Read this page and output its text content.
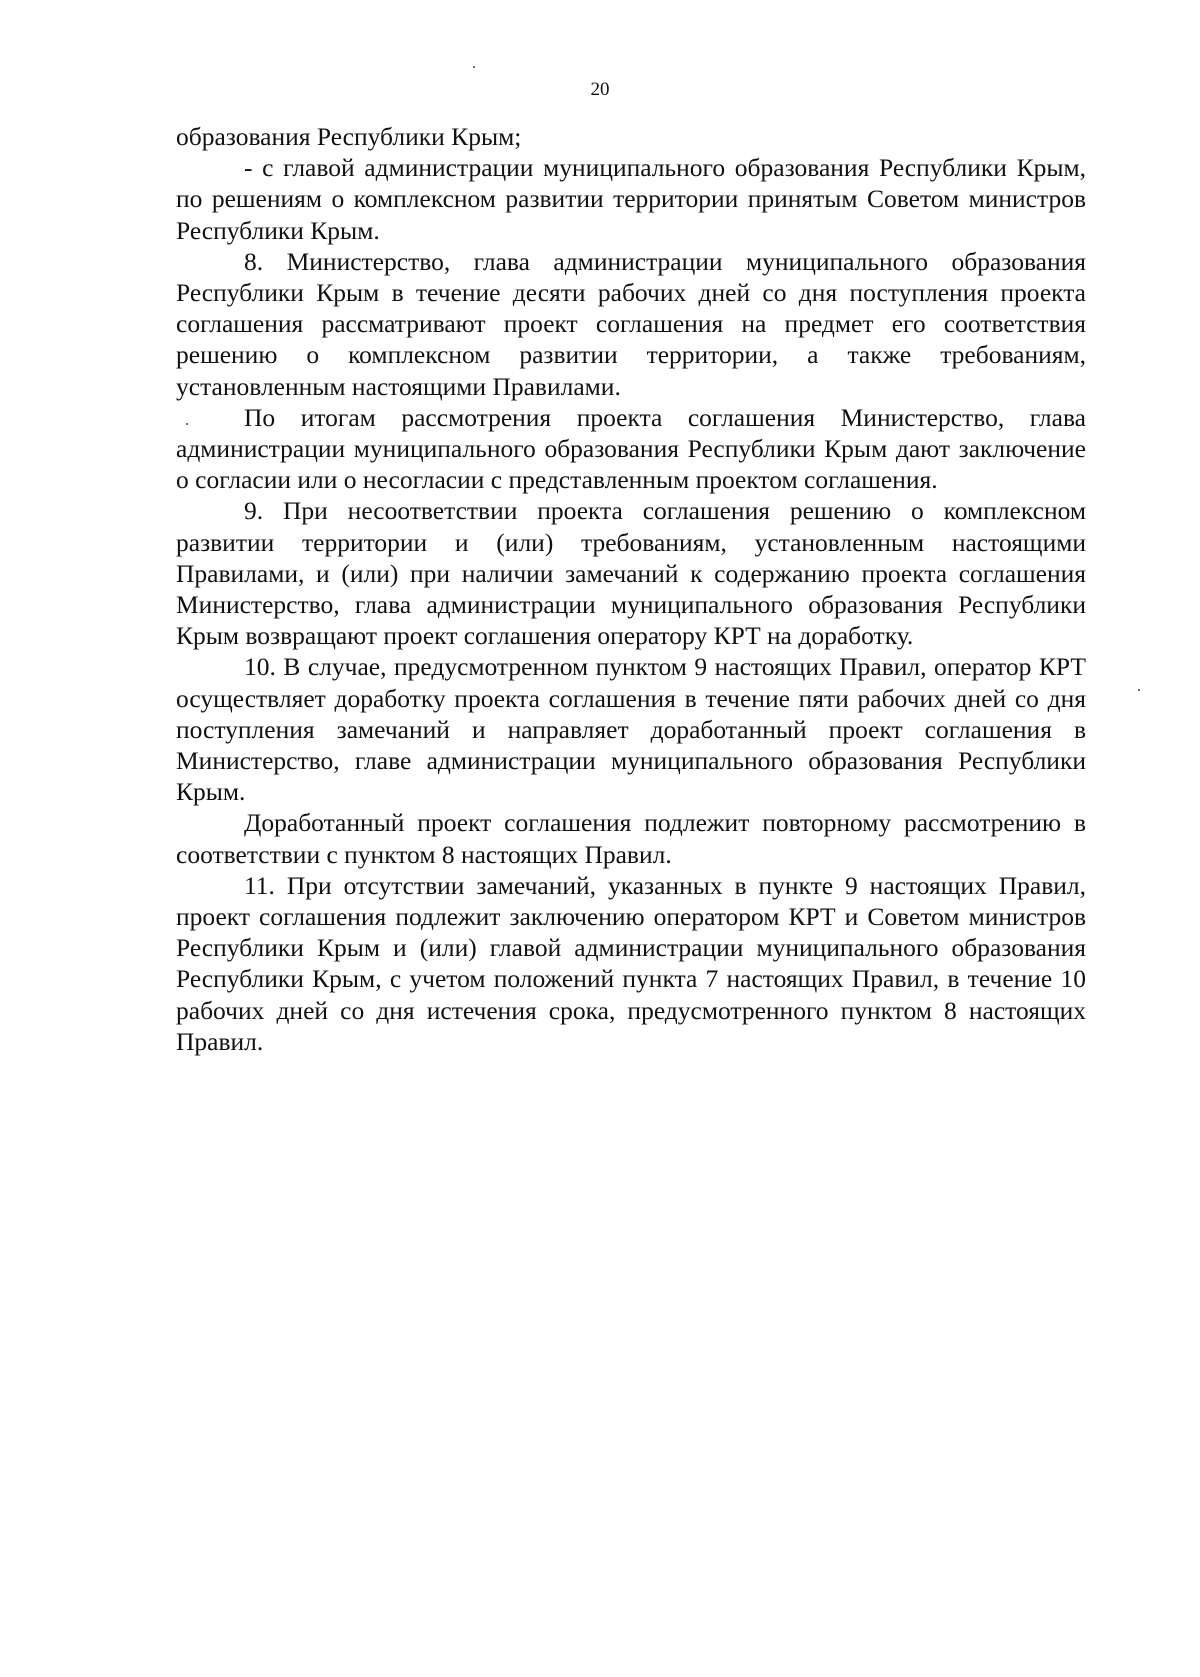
20

образования Республики Крым;

- с главой администрации муниципального образования Республики Крым, по решениям о комплексном развитии территории принятым Советом министров Республики Крым.

8. Министерство, глава администрации муниципального образования Республики Крым в течение десяти рабочих дней со дня поступления проекта соглашения рассматривают проект соглашения на предмет его соответствия решению о комплексном развитии территории, а также требованиям, установленным настоящими Правилами.

По итогам рассмотрения проекта соглашения Министерство, глава администрации муниципального образования Республики Крым дают заключение о согласии или о несогласии с представленным проектом соглашения.

9. При несоответствии проекта соглашения решению о комплексном развитии территории и (или) требованиям, установленным настоящими Правилами, и (или) при наличии замечаний к содержанию проекта соглашения Министерство, глава администрации муниципального образования Республики Крым возвращают проект соглашения оператору КРТ на доработку.

10. В случае, предусмотренном пунктом 9 настоящих Правил, оператор КРТ осуществляет доработку проекта соглашения в течение пяти рабочих дней со дня поступления замечаний и направляет доработанный проект соглашения в Министерство, главе администрации муниципального образования Республики Крым.

Доработанный проект соглашения подлежит повторному рассмотрению в соответствии с пунктом 8 настоящих Правил.

11. При отсутствии замечаний, указанных в пункте 9 настоящих Правил, проект соглашения подлежит заключению оператором КРТ и Советом министров Республики Крым и (или) главой администрации муниципального образования Республики Крым, с учетом положений пункта 7 настоящих Правил, в течение 10 рабочих дней со дня истечения срока, предусмотренного пунктом 8 настоящих Правил.
